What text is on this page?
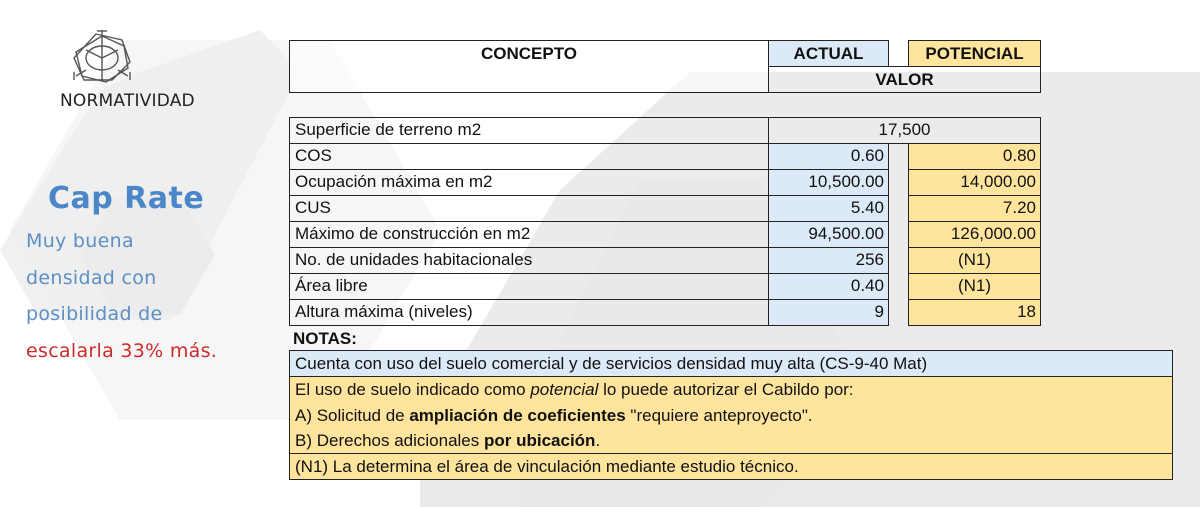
NORMATIVIDAD
Cap Rate
Muy buena
densidad con
posibilidad de
escalarla 33% más.
CONCEPTO	ACTUAL	POTENCIAL
VALOR
Superficie de terreno m2	17,500
COS	0.60	0.80
Ocupación máxima en m2	10,500.00	14,000.00
CUS	5.40	7.20
Máximo de construcción en m2	94,500.00	126,000.00
No. de unidades habitacionales	256	(N1)
Área libre	0.40	(N1)
Altura máxima (niveles)	9	18
NOTAS:
Cuenta con uso del suelo comercial y de servicios densidad muy alta (CS-9-40 Mat)
El uso de suelo indicado como potencial lo puede autorizar el Cabildo por:
A) Solicitud de ampliación de coeficientes "requiere anteproyecto".
B) Derechos adicionales por ubicación.
(N1) La determina el área de vinculación mediante estudio técnico.
